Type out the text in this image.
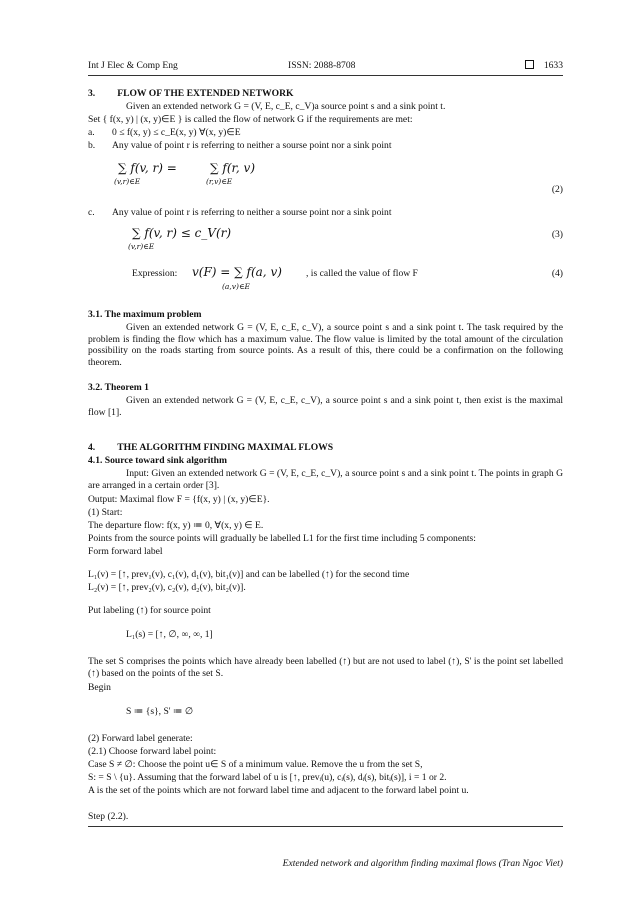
Int J Elec & Comp Eng	ISSN: 2088-8708	1633
3. FLOW OF THE EXTENDED NETWORK
Given an extended network G = (V, E, c_E, c_V)a source point s and a sink point t.
Set { f(x, y) | (x, y)∈E } is called the flow of network G if the requirements are met:
a. 0 ≤ f(x, y) ≤ c_E(x, y) ∀(x, y)∈E
b. Any value of point r is referring to neither a sourse point nor a sink point
∑ f(v, r) =
(v,r)∈E
∑ f(r, v)
(r,v)∈E
(2)
c. Any value of point r is referring to neither a sourse point nor a sink point
∑ f(v, r) ≤ c_V(r)
(v,r)∈E
(3)
Expression: v(F) = ∑ f(a, v)
(a,v)∈E
, is called the value of flow F	(4)
3.1. The maximum problem
Given an extended network G = (V, E, c_E, c_V), a source point s and a sink point t. The task required by the problem is finding the flow which has a maximum value. The flow value is limited by the total amount of the circulation possibility on the roads starting from source points. As a result of this, there could be a confirmation on the following theorem.
3.2. Theorem 1
Given an extended network G = (V, E, c_E, c_V), a source point s and a sink point t, then exist is the maximal flow [1].
4. THE ALGORITHM FINDING MAXIMAL FLOWS
4.1. Source toward sink algorithm
Input: Given an extended network G = (V, E, c_E, c_V), a source point s and a sink point t. The points in graph G are arranged in a certain order [3].
Output: Maximal flow F = {f(x, y) | (x, y)∈E}.
(1) Start:
The departure flow: f(x, y) ≔ 0, ∀(x, y) ∈ E.
Points from the source points will gradually be labelled L1 for the first time including 5 components:
Form forward label
L₁(v) = [↑, prev₁(v), c₁(v), d₁(v), bit₁(v)] and can be labelled (↑) for the second time
L₂(v) = [↑, prev₂(v), c₂(v), d₂(v), bit₂(v)].
Put labeling (↑) for source point
L₁(s) = [↑, ∅, ∞, ∞, 1]
The set S comprises the points which have already been labelled (↑) but are not used to label (↑), S' is the point set labelled (↑) based on the points of the set S.
Begin
S ≔ {s}, S' ≔ ∅
(2) Forward label generate:
(2.1) Choose forward label point:
Case S ≠ ∅: Choose the point u∈ S of a minimum value. Remove the u from the set S,
S: = S \ {u}. Assuming that the forward label of u is [↑, prevᵢ(u), cᵢ(s), dᵢ(s), bitᵢ(s)], i = 1 or 2.
A is the set of the points which are not forward label time and adjacent to the forward label point u.
Step (2.2).
Extended network and algorithm finding maximal flows (Tran Ngoc Viet)
